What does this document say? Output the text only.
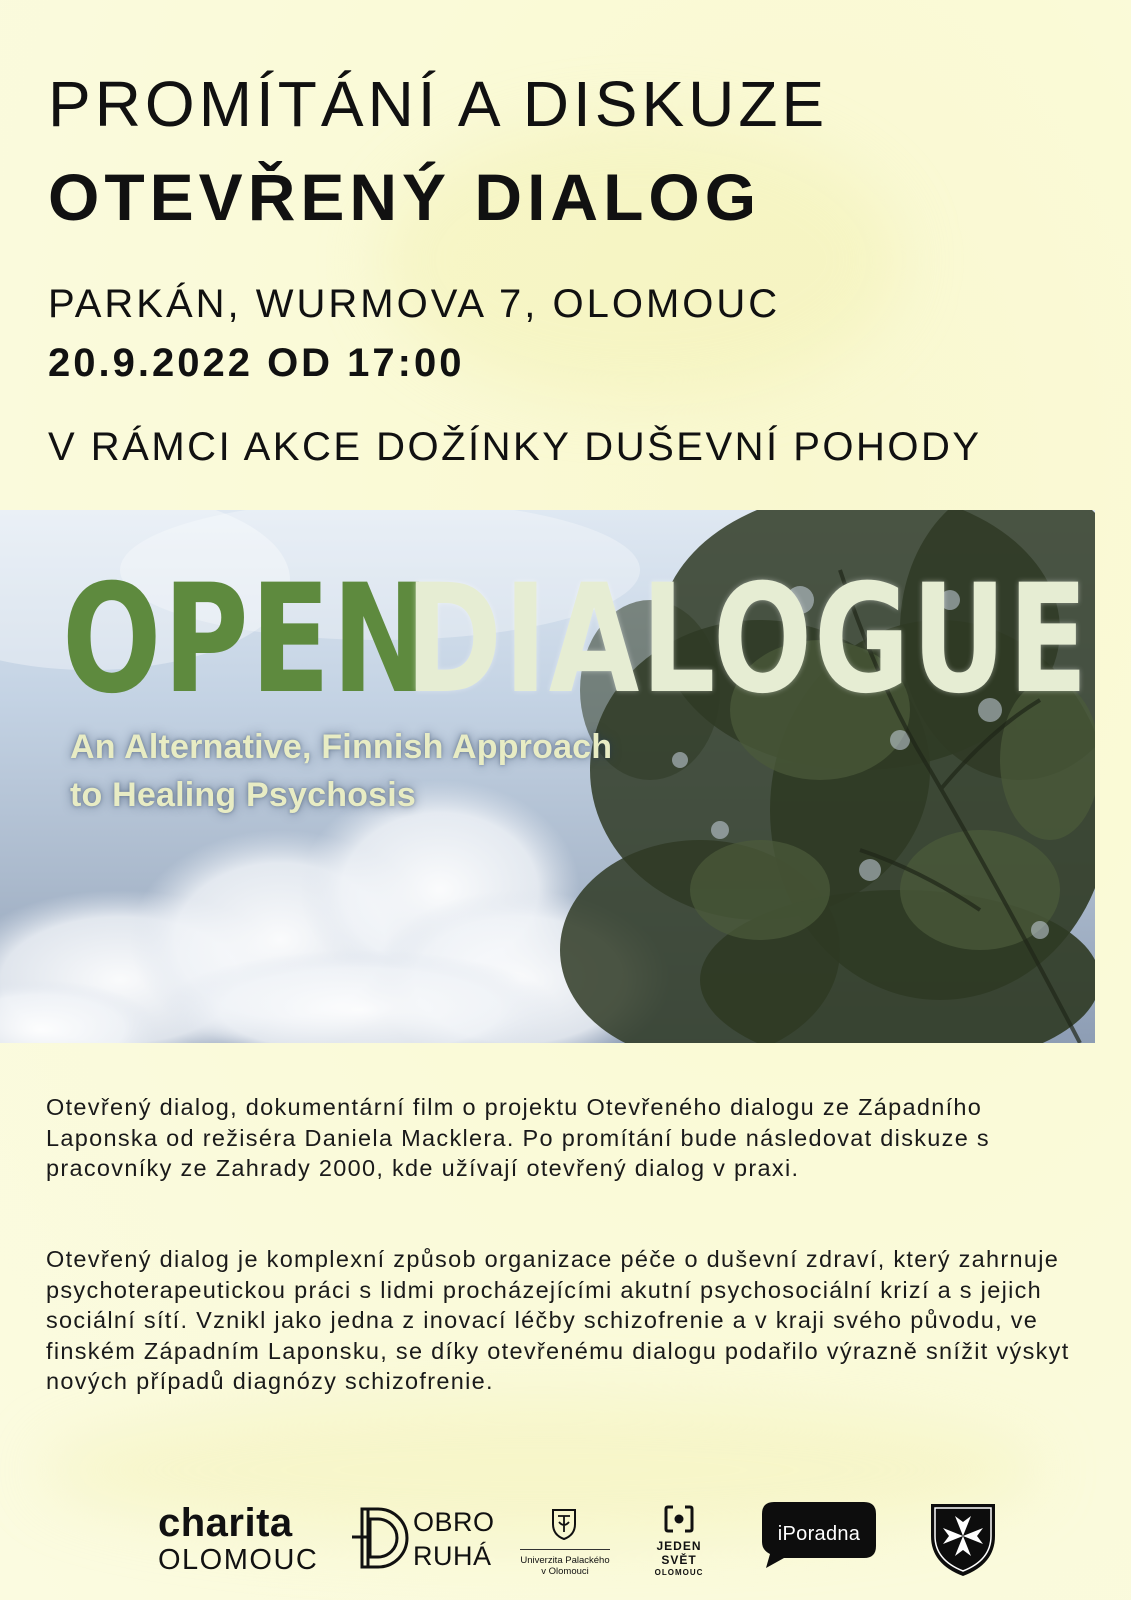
PROMÍTÁNÍ A DISKUZE
OTEVŘENÝ DIALOG
PARKÁN, WURMOVA 7, OLOMOUC
20.9.2022 OD 17:00
V RÁMCI AKCE DOŽÍNKY DUŠEVNÍ POHODY
OPEN
DIALOGUE
An Alternative, Finnish Approach
to Healing Psychosis
Otevřený dialog, dokumentární film o projektu Otevřeného dialogu ze Západního Laponska od režiséra Daniela Macklera. Po promítání bude následovat diskuze s pracovníky ze Zahrady 2000, kde užívají otevřený dialog v praxi.
Otevřený dialog je komplexní způsob organizace péče o duševní zdraví, který zahrnuje psychoterapeutickou práci s lidmi procházejícími akutní psychosociální krizí a s jejich sociální sítí. Vznikl jako jedna z inovací léčby schizofrenie a v kraji svého původu, ve finském Západním Laponsku, se díky otevřenému dialogu podařilo výrazně snížit výskyt nových případů diagnózy schizofrenie.
charita
OLOMOUC
OBRO
RUHÁ	Univerzita Palackého
v Olomouci
JEDEN
SVĚT
OLOMOUC
iPoradna
